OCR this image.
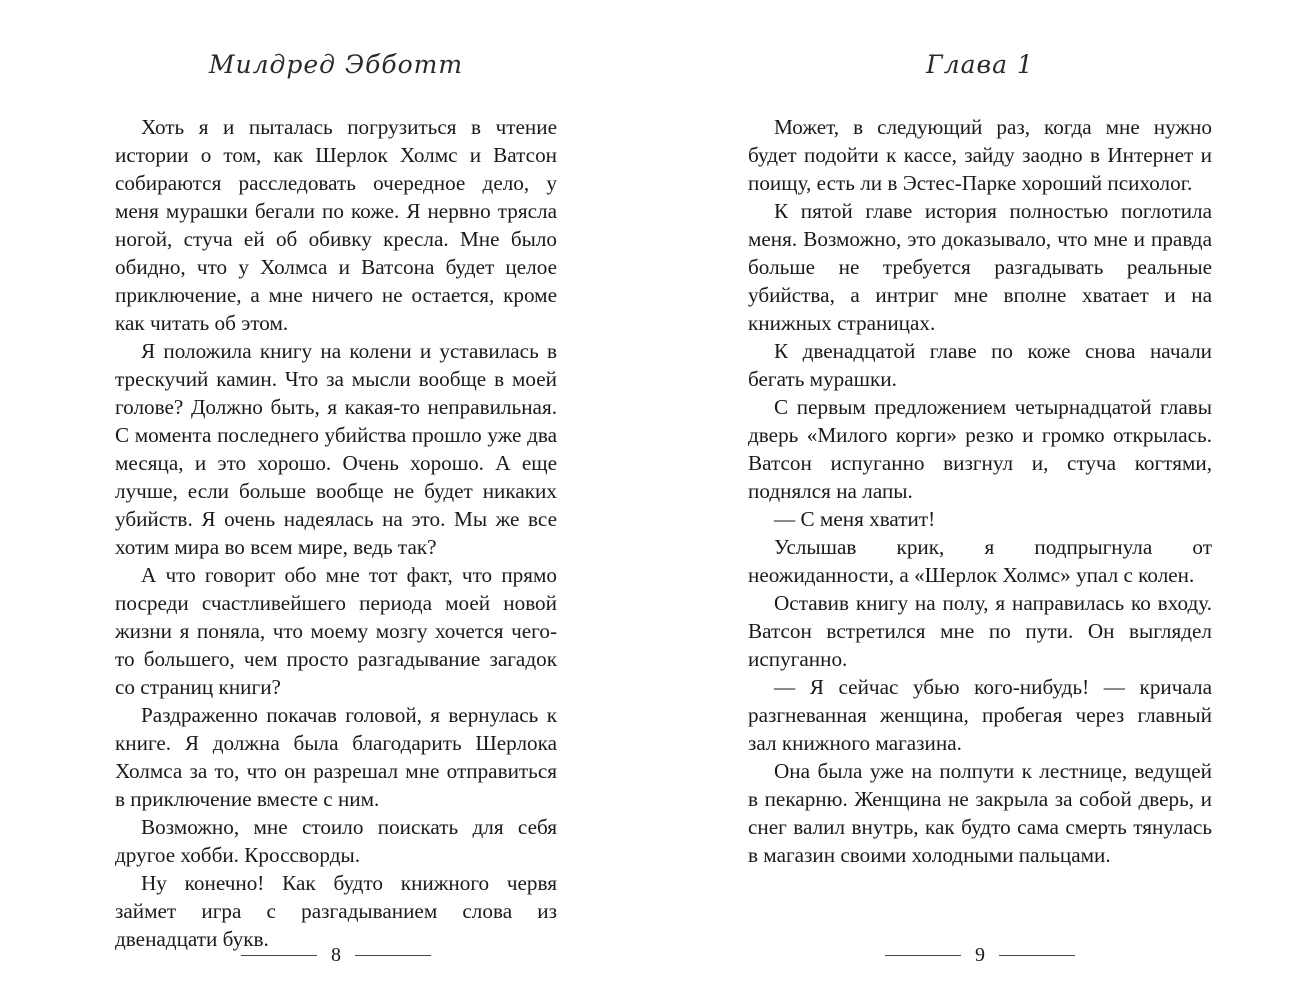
Милдред Эбботт

Хоть я и пыталась погрузиться в чтение истории о том, как Шерлок Холмс и Ватсон собираются расследовать очередное дело, у меня мурашки бегали по коже. Я нервно трясла ногой, стуча ей об обивку кресла. Мне было обидно, что у Холмса и Ватсона будет целое приключение, а мне ничего не остается, кроме как читать об этом.

Я положила книгу на колени и уставилась в трескучий камин. Что за мысли вообще в моей голове? Должно быть, я какая-то неправильная. С момента последнего убийства прошло уже два месяца, и это хорошо. Очень хорошо. А еще лучше, если больше вообще не будет никаких убийств. Я очень надеялась на это. Мы же все хотим мира во всем мире, ведь так?

А что говорит обо мне тот факт, что прямо посреди счастливейшего периода моей новой жизни я поняла, что моему мозгу хочется чего-то большего, чем просто разгадывание загадок со страниц книги?

Раздраженно покачав головой, я вернулась к книге. Я должна была благодарить Шерлока Холмса за то, что он разрешал мне отправиться в приключение вместе с ним.

Возможно, мне стоило поискать для себя другое хобби. Кроссворды.

Ну конечно! Как будто книжного червя займет игра с разгадыванием слова из двенадцати букв.

8
Глава 1

Может, в следующий раз, когда мне нужно будет подойти к кассе, зайду заодно в Интернет и поищу, есть ли в Эстес-Парке хороший психолог.

К пятой главе история полностью поглотила меня. Возможно, это доказывало, что мне и правда больше не требуется разгадывать реальные убийства, а интриг мне вполне хватает и на книжных страницах.

К двенадцатой главе по коже снова начали бегать мурашки.

С первым предложением четырнадцатой главы дверь «Милого корги» резко и громко открылась. Ватсон испуганно визгнул и, стуча когтями, поднялся на лапы.

— С меня хватит!

Услышав крик, я подпрыгнула от неожиданности, а «Шерлок Холмс» упал с колен.

Оставив книгу на полу, я направилась ко входу. Ватсон встретился мне по пути. Он выглядел испуганно.

— Я сейчас убью кого-нибудь! — кричала разгневанная женщина, пробегая через главный зал книжного магазина.

Она была уже на полпути к лестнице, ведущей в пекарню. Женщина не закрыла за собой дверь, и снег валил внутрь, как будто сама смерть тянулась в магазин своими холодными пальцами.

9
